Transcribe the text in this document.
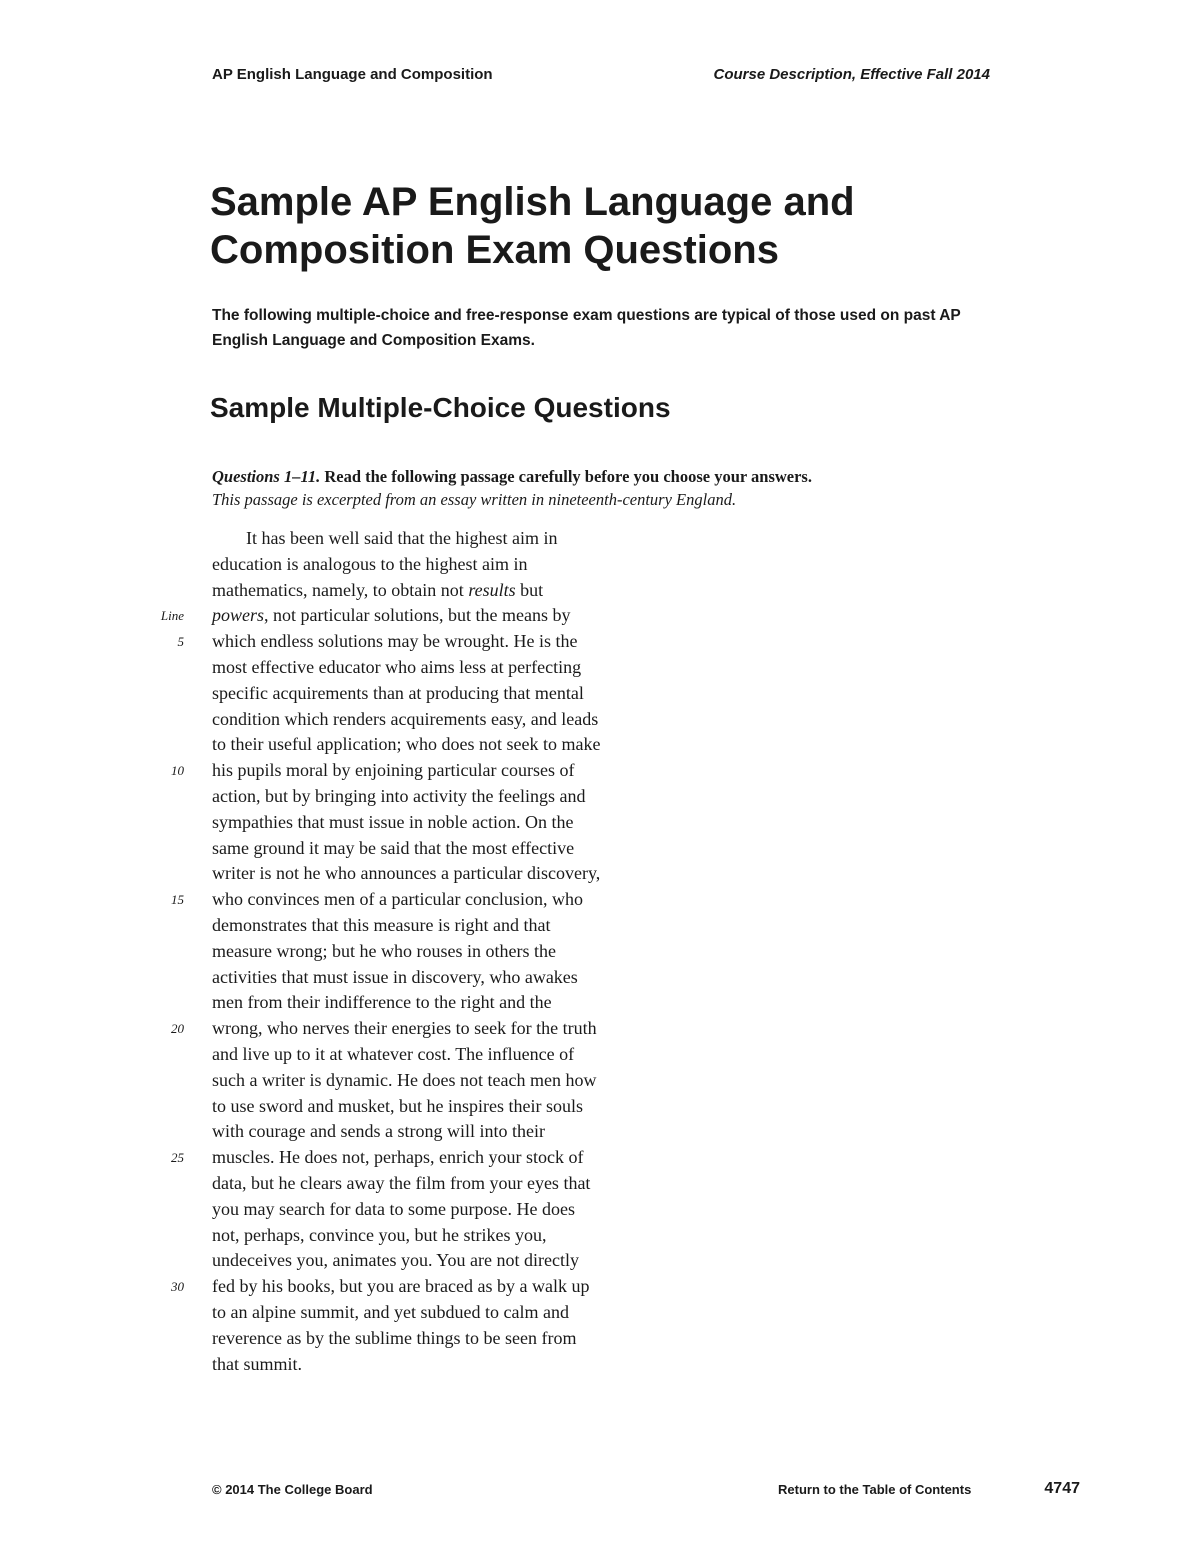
AP English Language and Composition	Course Description, Effective Fall 2014
Sample AP English Language and Composition Exam Questions

The following multiple-choice and free-response exam questions are typical of those used on past AP English Language and Composition Exams.

Sample Multiple-Choice Questions
Questions 1–11. Read the following passage carefully before you choose your answers.
This passage is excerpted from an essay written in nineteenth-century England.
It has been well said that the highest aim in
education is analogous to the highest aim in
mathematics, namely, to obtain not results but
Line powers, not particular solutions, but the means by
5 which endless solutions may be wrought. He is the
most effective educator who aims less at perfecting
specific acquirements than at producing that mental
condition which renders acquirements easy, and leads
to their useful application; who does not seek to make
10 his pupils moral by enjoining particular courses of
action, but by bringing into activity the feelings and
sympathies that must issue in noble action. On the
same ground it may be said that the most effective
writer is not he who announces a particular discovery,
15 who convinces men of a particular conclusion, who
demonstrates that this measure is right and that
measure wrong; but he who rouses in others the
activities that must issue in discovery, who awakes
men from their indifference to the right and the
20 wrong, who nerves their energies to seek for the truth
and live up to it at whatever cost. The influence of
such a writer is dynamic. He does not teach men how
to use sword and musket, but he inspires their souls
with courage and sends a strong will into their
25 muscles. He does not, perhaps, enrich your stock of
data, but he clears away the film from your eyes that
you may search for data to some purpose. He does
not, perhaps, convince you, but he strikes you,
undeceives you, animates you. You are not directly
30 fed by his books, but you are braced as by a walk up
to an alpine summit, and yet subdued to calm and
reverence as by the sublime things to be seen from
that summit.
© 2014 The College Board	Return to the Table of Contents	4747
